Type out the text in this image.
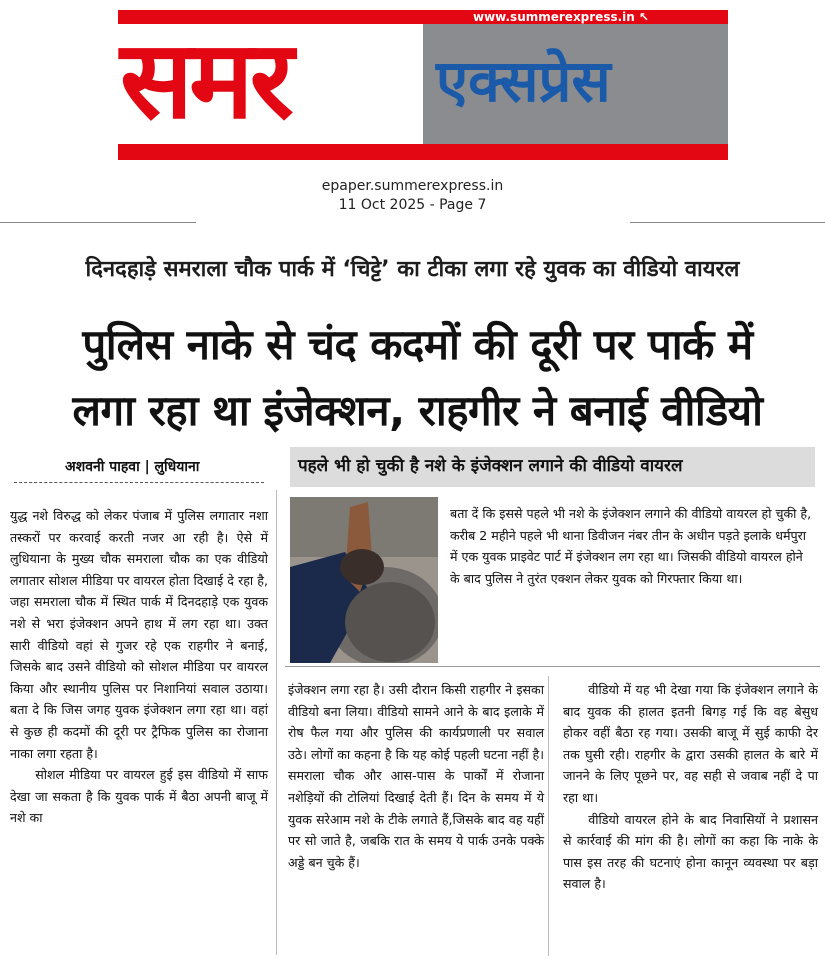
समर
www.summerexpress.in ↖
एक्सप्रेस
epaper.summerexpress.in
11 Oct 2025 - Page 7
दिनदहाड़े समराला चौक पार्क में ‘चिट्टे’ का टीका लगा रहे युवक का वीडियो वायरल
पुलिस नाके से चंद कदमों की दूरी पर पार्क में
लगा रहा था इंजेक्शन, राहगीर ने बनाई वीडियो
अशवनी पाहवा | लुधियाना	पहले भी हो चुकी है नशे के इंजेक्शन लगाने की वीडियो वायरल

युद्ध नशे विरुद्ध को लेकर पंजाब में पुलिस लगातार नशा तस्करों पर करवाई करती नजर आ रही है। ऐसे में लुधियाना के मुख्य चौक समराला चौक का एक वीडियो लगातार सोशल मीडिया पर वायरल होता दिखाई दे रहा है, जहा समराला चौक में स्थित पार्क में दिनदहाड़े एक युवक नशे से भरा इंजेक्शन अपने हाथ में लग रहा था। उक्त सारी वीडियो वहां से गुजर रहे एक राहगीर ने बनाई, जिसके बाद उसने वीडियो को सोशल मीडिया पर वायरल किया और स्थानीय पुलिस पर निशानियां सवाल उठाया। बता दे कि जिस जगह युवक इंजेक्शन लगा रहा था। वहां से कुछ ही कदमों की दूरी पर ट्रैफिक पुलिस का रोजाना नाका लगा रहता है।

सोशल मीडिया पर वायरल हुई इस वीडियो में साफ देखा जा सकता है कि युवक पार्क में बैठा अपनी बाजू में नशे का

बता दें कि इससे पहले भी नशे के इंजेक्शन लगाने की वीडियो वायरल हो चुकी है, करीब 2 महीने पहले भी थाना डिवीजन नंबर तीन के अधीन पड़ते इलाके धर्मपुरा में एक युवक प्राइवेट पार्ट में इंजेक्शन लग रहा था। जिसकी वीडियो वायरल होने के बाद पुलिस ने तुरंत एक्शन लेकर युवक को गिरफ्तार किया था।

इंजेक्शन लगा रहा है। उसी दौरान किसी राहगीर ने इसका वीडियो बना लिया। वीडियो सामने आने के बाद इलाके में रोष फैल गया और पुलिस की कार्यप्रणाली पर सवाल उठे। लोगों का कहना है कि यह कोई पहली घटना नहीं है। समराला चौक और आस-पास के पार्कों में रोजाना नशेड़ियों की टोलियां दिखाई देती हैं। दिन के समय में ये युवक सरेआम नशे के टीके लगाते हैं,जिसके बाद वह यहीं पर सो जाते है, जबकि रात के समय ये पार्क उनके पक्के अड्डे बन चुके हैं।

वीडियो में यह भी देखा गया कि इंजेक्शन लगाने के बाद युवक की हालत इतनी बिगड़ गई कि वह बेसुध होकर वहीं बैठा रह गया। उसकी बाजू में सुई काफी देर तक घुसी रही। राहगीर के द्वारा उसकी हालत के बारे में जानने के लिए पूछने पर, वह सही से जवाब नहीं दे पा रहा था।

वीडियो वायरल होने के बाद निवासियों ने प्रशासन से कार्रवाई की मांग की है। लोगों का कहा कि नाके के पास इस तरह की घटनाएं होना कानून व्यवस्था पर बड़ा सवाल है।
